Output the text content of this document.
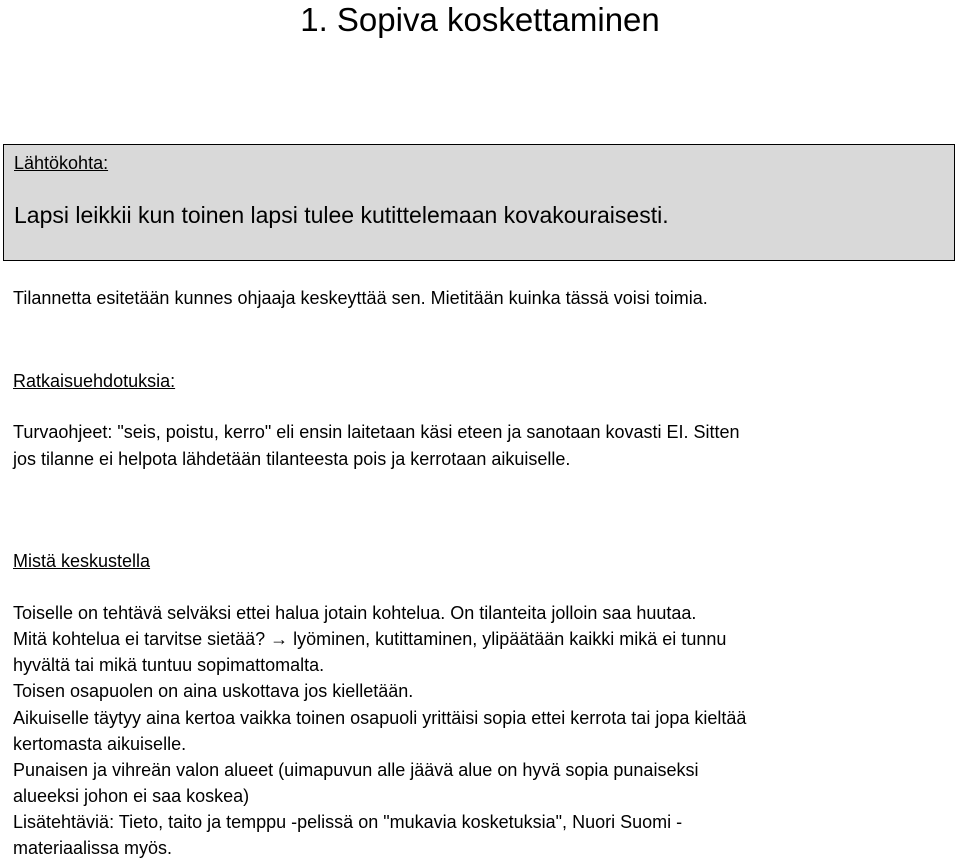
1. Sopiva koskettaminen
Lähtökohta:
Lapsi leikkii kun toinen lapsi tulee kutittelemaan kovakouraisesti.
Tilannetta esitetään kunnes ohjaaja keskeyttää sen. Mietitään kuinka tässä voisi toimia.
Ratkaisuehdotuksia:
Turvaohjeet: "seis, poistu, kerro" eli ensin laitetaan käsi eteen ja sanotaan kovasti EI. Sitten
jos tilanne ei helpota lähdetään tilanteesta pois ja kerrotaan aikuiselle.
Mistä keskustella
Toiselle on tehtävä selväksi ettei halua jotain kohtelua. On tilanteita jolloin saa huutaa.
Mitä kohtelua ei tarvitse sietää? → lyöminen, kutittaminen, ylipäätään kaikki mikä ei tunnu
hyvältä tai mikä tuntuu sopimattomalta.
Toisen osapuolen on aina uskottava jos kielletään.
Aikuiselle täytyy aina kertoa vaikka toinen osapuoli yrittäisi sopia ettei kerrota tai jopa kieltää
kertomasta aikuiselle.
Punaisen ja vihreän valon alueet (uimapuvun alle jäävä alue on hyvä sopia punaiseksi
alueeksi johon ei saa koskea)
Lisätehtäviä: Tieto, taito ja temppu -pelissä on "mukavia kosketuksia", Nuori Suomi -
materiaalissa myös.
